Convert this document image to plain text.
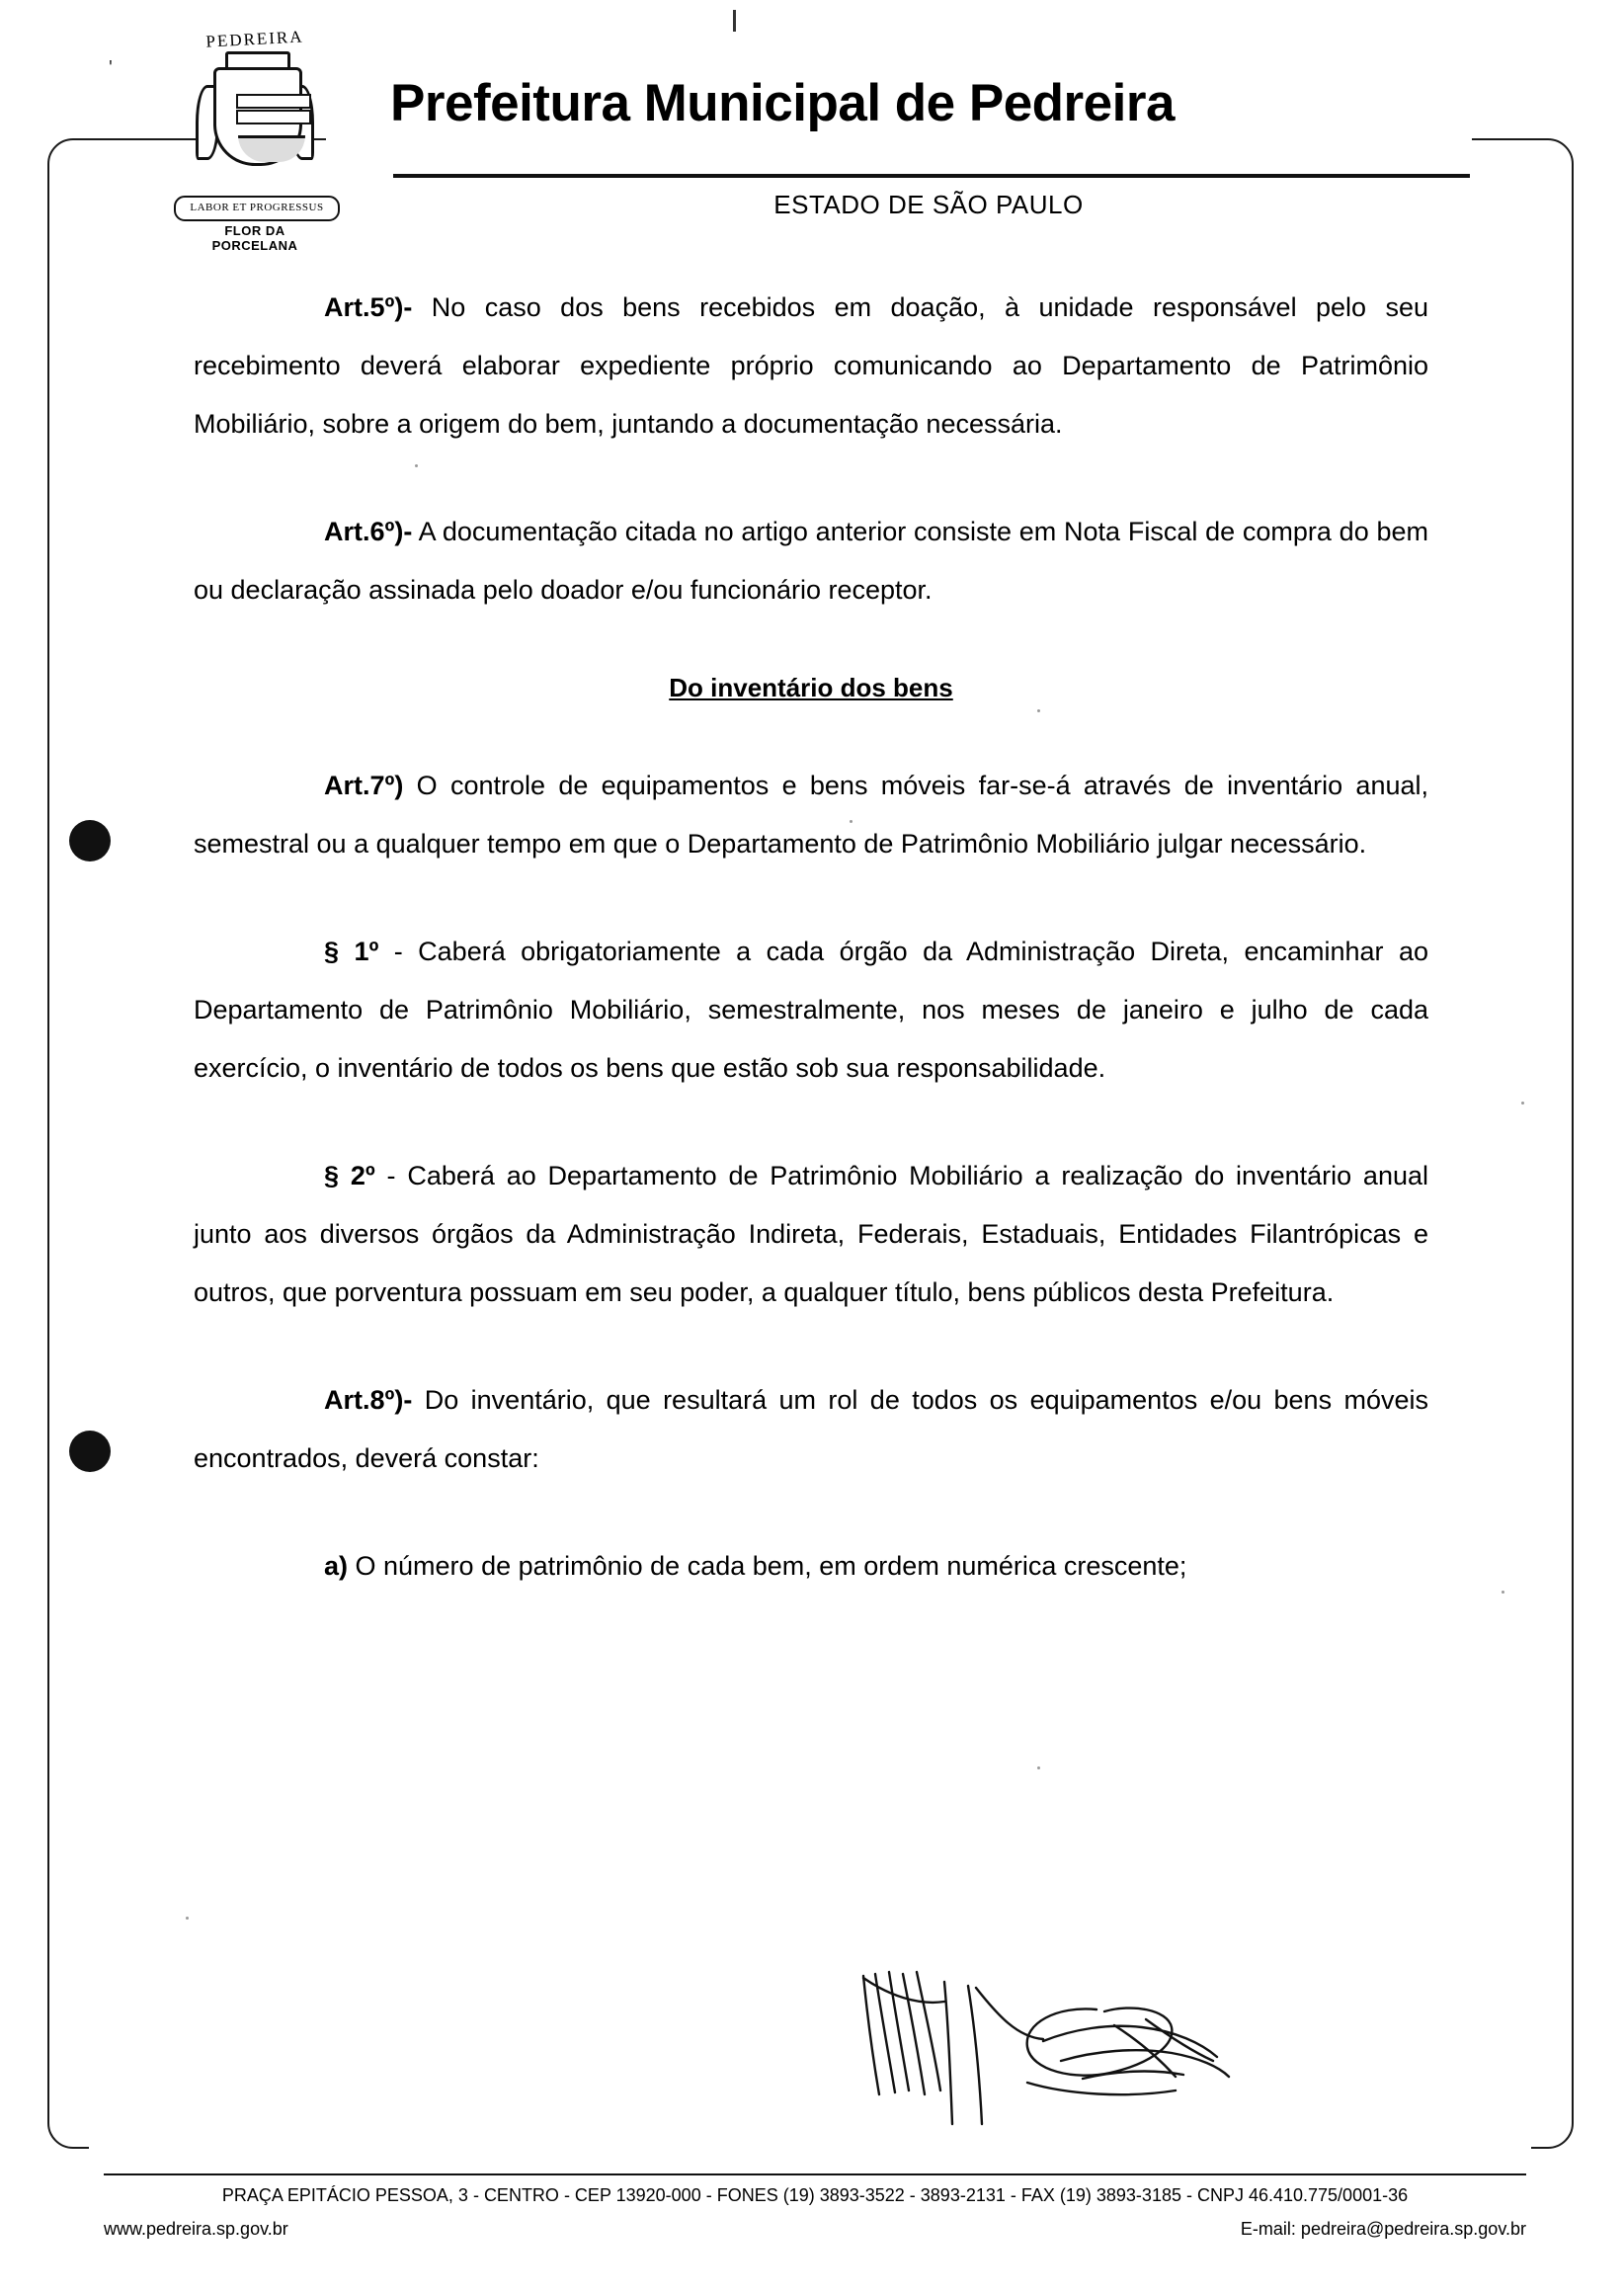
'
PEDREIRA
LABOR ET PROGRESSUS
FLOR DA
PORCELANA
Prefeitura Municipal de Pedreira
ESTADO DE SÃO PAULO

Art.5º)- No caso dos bens recebidos em doação, à unidade responsável pelo seu recebimento deverá elaborar expediente próprio comunicando ao Departamento de Patrimônio Mobiliário, sobre a origem do bem, juntando a documentação necessária.

Art.6º)- A documentação citada no artigo anterior consiste em Nota Fiscal de compra do bem ou declaração assinada pelo doador e/ou funcionário receptor.

Do inventário dos bens

Art.7º) O controle de equipamentos e bens móveis far-se-á através de inventário anual, semestral ou a qualquer tempo em que o Departamento de Patrimônio Mobiliário julgar necessário.

§ 1º - Caberá obrigatoriamente a cada órgão da Administração Direta, encaminhar ao Departamento de Patrimônio Mobiliário, semestralmente, nos meses de janeiro e julho de cada exercício, o inventário de todos os bens que estão sob sua responsabilidade.

§ 2º - Caberá ao Departamento de Patrimônio Mobiliário a realização do inventário anual junto aos diversos órgãos da Administração Indireta, Federais, Estaduais, Entidades Filantrópicas e outros, que porventura possuam em seu poder, a qualquer título, bens públicos desta Prefeitura.

Art.8º)- Do inventário, que resultará um rol de todos os equipamentos e/ou bens móveis encontrados, deverá constar:

a) O número de patrimônio de cada bem, em ordem numérica crescente;

PRAÇA EPITÁCIO PESSOA, 3 - CENTRO - CEP 13920-000 - FONES (19) 3893-3522 - 3893-2131 - FAX (19) 3893-3185 - CNPJ 46.410.775/0001-36
www.pedreira.sp.gov.br	E-mail: pedreira@pedreira.sp.gov.br
